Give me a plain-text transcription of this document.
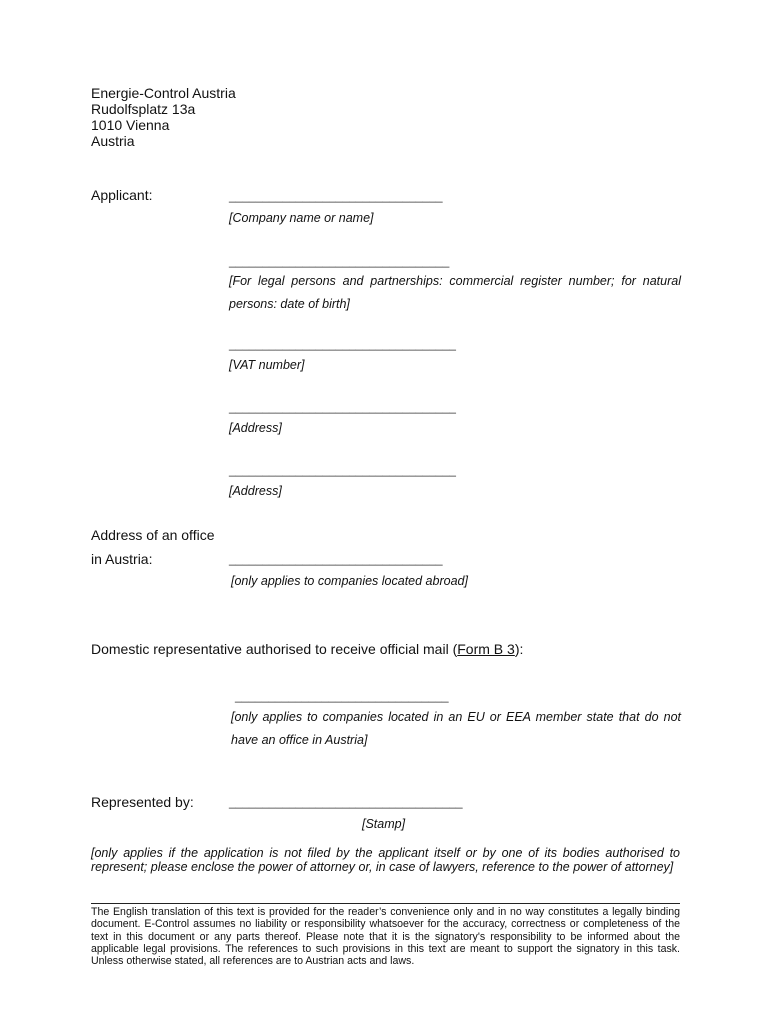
Energie-Control Austria
Rudolfsplatz 13a
1010 Vienna
Austria
Applicant:	________________________________
[Company name or name]
_________________________________
[For legal persons and partnerships: commercial register number; for natural persons: date of birth]
__________________________________
[VAT number]
__________________________________
[Address]
__________________________________
[Address]
Address of an office
in Austria:	________________________________
[only applies to companies located abroad]
Domestic representative authorised to receive official mail (Form B 3):
________________________________
[only applies to companies located in an EU or EEA member state that do not have an office in Austria]
Represented by:	___________________________________
[Stamp]
[only applies if the application is not filed by the applicant itself or by one of its bodies authorised to represent; please enclose the power of attorney or, in case of lawyers, reference to the power of attorney]
The English translation of this text is provided for the reader’s convenience only and in no way constitutes a legally binding document. E-Control assumes no liability or responsibility whatsoever for the accuracy, correctness or completeness of the text in this document or any parts thereof. Please note that it is the signatory's responsibility to be informed about the applicable legal provisions. The references to such provisions in this text are meant to support the signatory in this task. Unless otherwise stated, all references are to Austrian acts and laws.
